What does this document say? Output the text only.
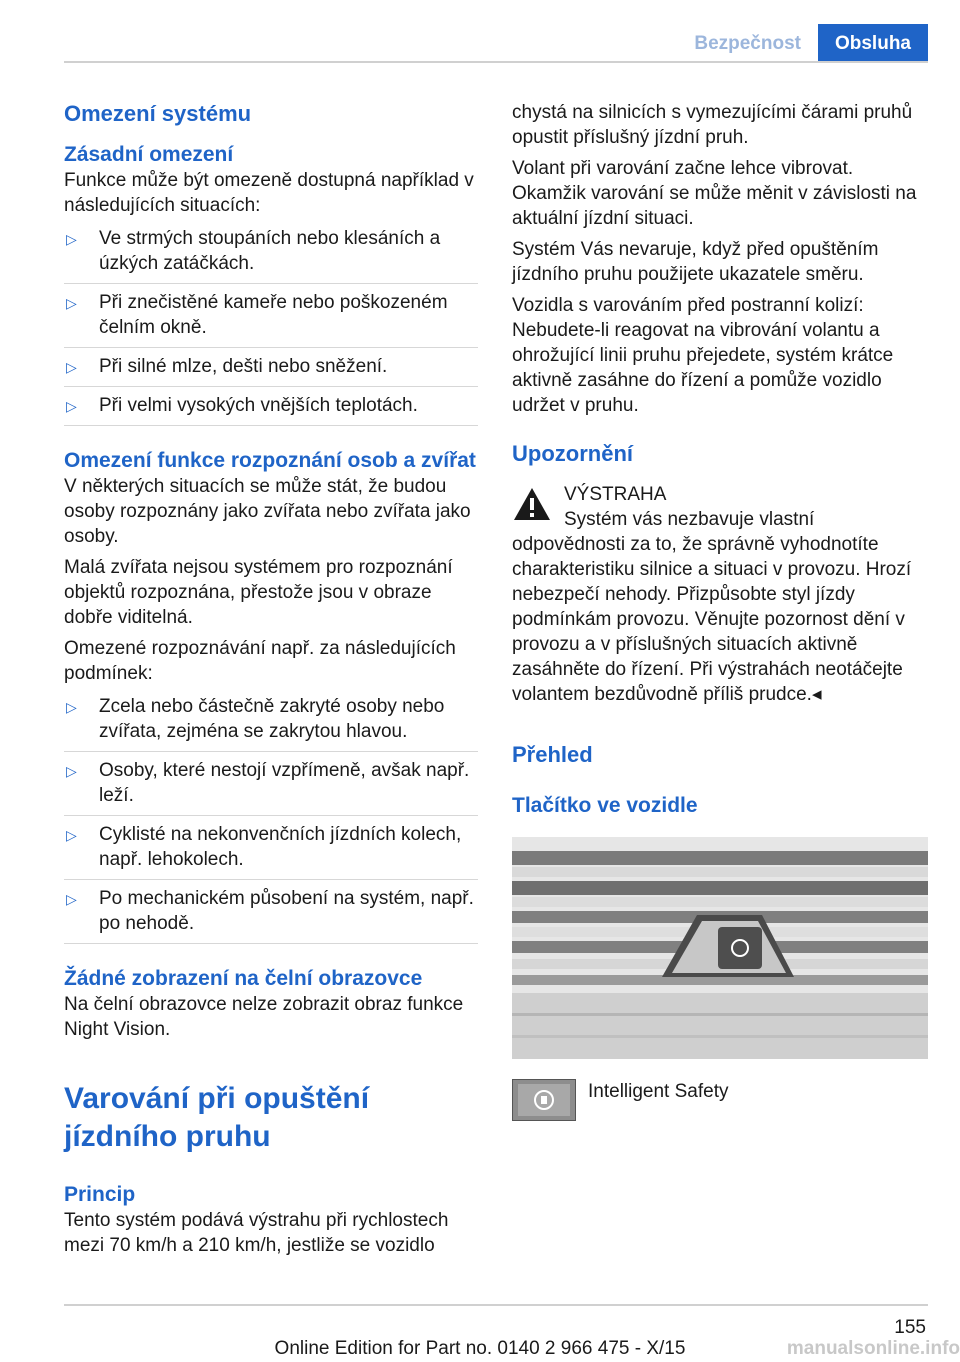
Bezpečnost	Obsluha
Omezení systému
Zásadní omezení

Funkce může být omezeně dostupná například v následujících situacích:

▷ Ve strmých stoupáních nebo klesáních a úzkých zatáčkách.
▷ Při znečistěné kameře nebo poškozeném čelním okně.
▷ Při silné mlze, dešti nebo sněžení.
▷ Při velmi vysokých vnějších teplotách.
Omezení funkce rozpoznání osob a zvířat

V některých situacích se může stát, že budou osoby rozpoznány jako zvířata nebo zvířata jako osoby.

Malá zvířata nejsou systémem pro rozpoznání objektů rozpoznána, přestože jsou v obraze dobře viditelná.

Omezené rozpoznávání např. za následujících podmínek:

▷ Zcela nebo částečně zakryté osoby nebo zvířata, zejména se zakrytou hlavou.
▷ Osoby, které nestojí vzpřímeně, avšak např. leží.
▷ Cyklisté na nekonvenčních jízdních kolech, např. lehokolech.
▷ Po mechanickém působení na systém, např. po nehodě.
Žádné zobrazení na čelní obrazovce

Na čelní obrazovce nelze zobrazit obraz funkce Night Vision.

Varování při opuštění jízdního pruhu
Princip

Tento systém podává výstrahu při rychlostech mezi 70 km/h a 210 km/h, jestliže se vozidlo

chystá na silnicích s vymezujícími čárami pruhů opustit příslušný jízdní pruh.

Volant při varování začne lehce vibrovat. Okamžik varování se může měnit v závislosti na aktuální jízdní situaci.

Systém Vás nevaruje, když před opuštěním jízdního pruhu použijete ukazatele směru.

Vozidla s varováním před postranní kolizí: Nebudete-li reagovat na vibrování volantu a ohrožující linii pruhu přejedete, systém krátce aktivně zasáhne do řízení a pomůže vozidlo udržet v pruhu.

Upozornění

VÝSTRAHA

Systém vás nezbavuje vlastní odpovědnosti za to, že správně vyhodnotíte charakteristiku silnice a situaci v provozu. Hrozí nebezpečí nehody. Přizpůsobte styl jízdy podmínkám provozu. Věnujte pozornost dění v provozu a v příslušných situacích aktivně zasáhněte do řízení. Při výstrahách neotáčejte volantem bezdůvodně příliš prudce.◂

Přehled
Tlačítko ve vozidle

Intelligent Safety

155
Online Edition for Part no. 0140 2 966 475 - X/15	manualsonline.info
